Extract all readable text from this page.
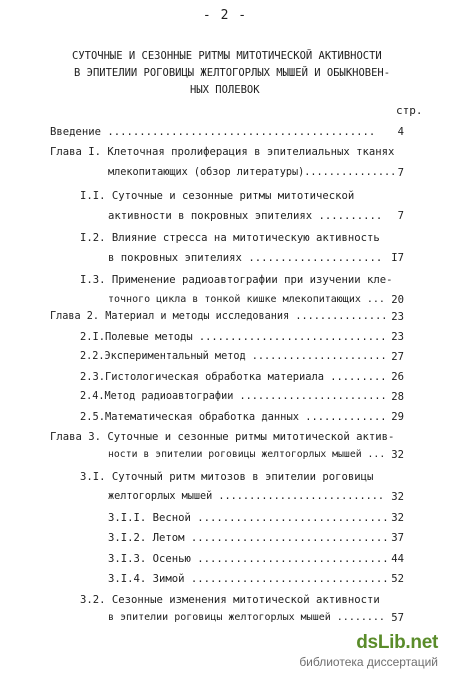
- 2 -
СУТОЧНЫЕ И СЕЗОННЫЕ РИТМЫ МИТОТИЧЕСКОЙ АКТИВНОСТИ
В ЭПИТЕЛИИ РОГОВИЦЫ ЖЕЛТОГОРЛЫХ МЫШЕЙ И ОБЫКНОВЕН-
НЫХ ПОЛЕВОК
стр.
Введение .......................................... 4
Глава I. Клеточная пролиферация в эпителиальных тканях
млекопитающих (обзор литературы)............... 7
I.I. Суточные и сезонные ритмы митотической
активности в покровных эпителиях .......... 7
I.2. Влияние стресса на митотическую активность
в покровных эпителиях ..................... I7
I.3. Применение радиоавтографии при изучении кле-
точного цикла в тонкой кишке млекопитающих ... 20
Глава 2. Материал и методы исследования ............... 23
2.I.Полевые методы .............................. 23
2.2.Экспериментальный метод ...................... 27
2.3.Гистологическая обработка материала ......... 26
2.4.Метод радиоавтографии ........................ 28
2.5.Математическая обработка данных ............. 29
Глава 3. Суточные и сезонные ритмы митотической актив-
ности в эпителии роговицы желтогорлых мышей ... 32
3.I. Суточный ритм митозов в эпителии роговицы
желтогорлых мышей ........................... 32
3.I.I. Весной .............................. 32
3.I.2. Летом ............................... 37
3.I.3. Осенью .............................. 44
3.I.4. Зимой ............................... 52
3.2. Сезонные изменения митотической активности
в эпителии роговицы желтогорлых мышей ........ 57
dsLib.net
библиотека диссертаций
